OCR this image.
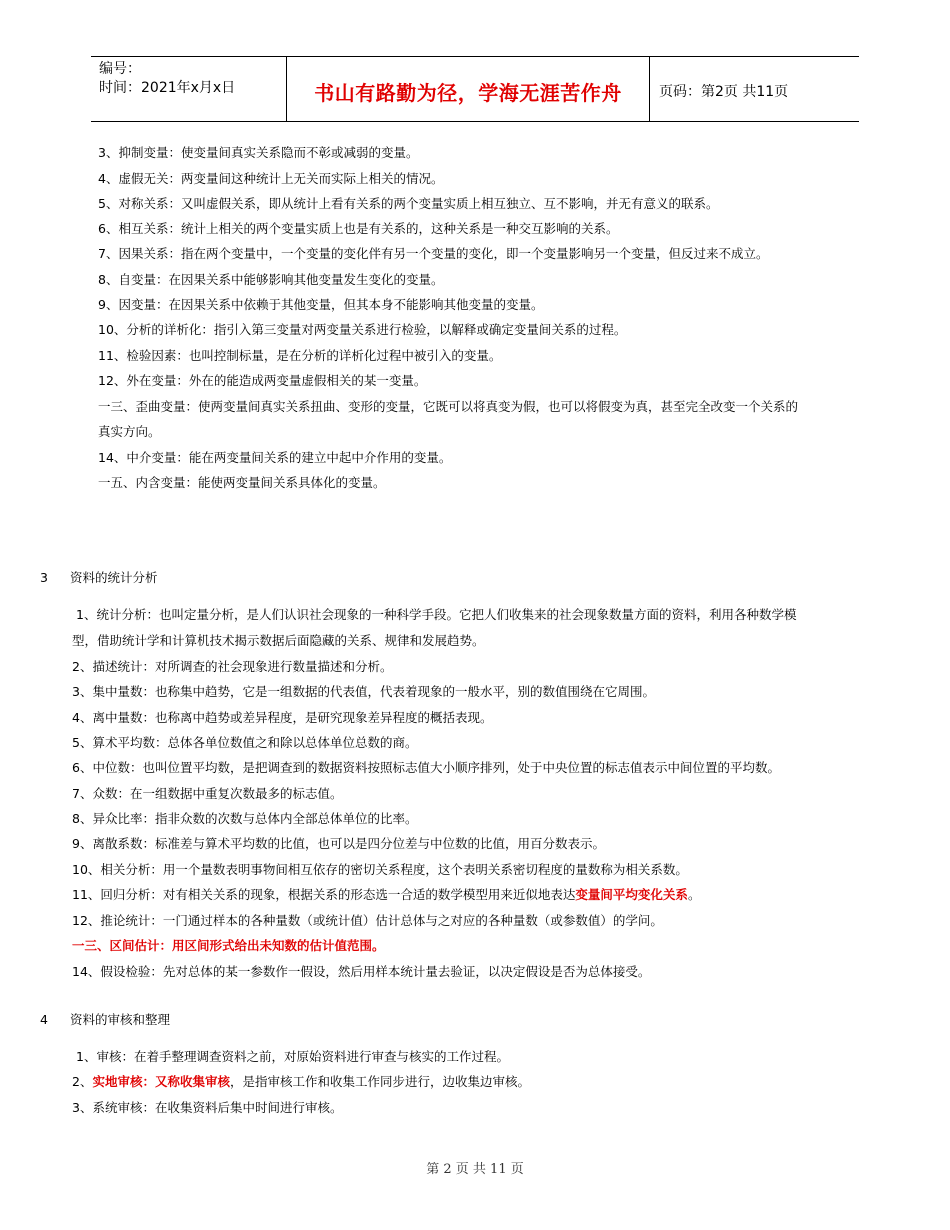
编号：
时间：2021年x月x日	书山有路勤为径，学海无涯苦作舟	页码：第2页 共11页
3、抑制变量：使变量间真实关系隐而不彰或减弱的变量。
4、虚假无关：两变量间这种统计上无关而实际上相关的情况。
5、对称关系：又叫虚假关系，即从统计上看有关系的两个变量实质上相互独立、互不影响，并无有意义的联系。
6、相互关系：统计上相关的两个变量实质上也是有关系的，这种关系是一种交互影响的关系。
7、因果关系：指在两个变量中，一个变量的变化伴有另一个变量的变化，即一个变量影响另一个变量，但反过来不成立。
8、自变量：在因果关系中能够影响其他变量发生变化的变量。
9、因变量：在因果关系中依赖于其他变量，但其本身不能影响其他变量的变量。
10、分析的详析化：指引入第三变量对两变量关系进行检验，以解释或确定变量间关系的过程。
11、检验因素：也叫控制标量，是在分析的详析化过程中被引入的变量。
12、外在变量：外在的能造成两变量虚假相关的某一变量。
一三、歪曲变量：使两变量间真实关系扭曲、变形的变量，它既可以将真变为假，也可以将假变为真，甚至完全改变一个关系的
真实方向。
14、中介变量：能在两变量间关系的建立中起中介作用的变量。
一五、内含变量：能使两变量间关系具体化的变量。
3 资料的统计分析
1、统计分析：也叫定量分析，是人们认识社会现象的一种科学手段。它把人们收集来的社会现象数量方面的资料，利用各种数学模
型，借助统计学和计算机技术揭示数据后面隐藏的关系、规律和发展趋势。
2、描述统计：对所调查的社会现象进行数量描述和分析。
3、集中量数：也称集中趋势，它是一组数据的代表值，代表着现象的一般水平，别的数值围绕在它周围。
4、离中量数：也称离中趋势或差异程度，是研究现象差异程度的概括表现。
5、算术平均数：总体各单位数值之和除以总体单位总数的商。
6、中位数：也叫位置平均数，是把调查到的数据资料按照标志值大小顺序排列，处于中央位置的标志值表示中间位置的平均数。
7、众数：在一组数据中重复次数最多的标志值。
8、异众比率：指非众数的次数与总体内全部总体单位的比率。
9、离散系数：标准差与算术平均数的比值，也可以是四分位差与中位数的比值，用百分数表示。
10、相关分析：用一个量数表明事物间相互依存的密切关系程度，这个表明关系密切程度的量数称为相关系数。
11、回归分析：对有相关关系的现象，根据关系的形态选一合适的数学模型用来近似地表达变量间平均变化关系。
12、推论统计：一门通过样本的各种量数（或统计值）估计总体与之对应的各种量数（或参数值）的学问。
一三、区间估计：用区间形式给出未知数的估计值范围。
14、假设检验：先对总体的某一参数作一假设，然后用样本统计量去验证，以决定假设是否为总体接受。
4 资料的审核和整理
1、审核：在着手整理调查资料之前，对原始资料进行审查与核实的工作过程。
2、实地审核：又称收集审核，是指审核工作和收集工作同步进行，边收集边审核。
3、系统审核：在收集资料后集中时间进行审核。
第 2 页 共 11 页
